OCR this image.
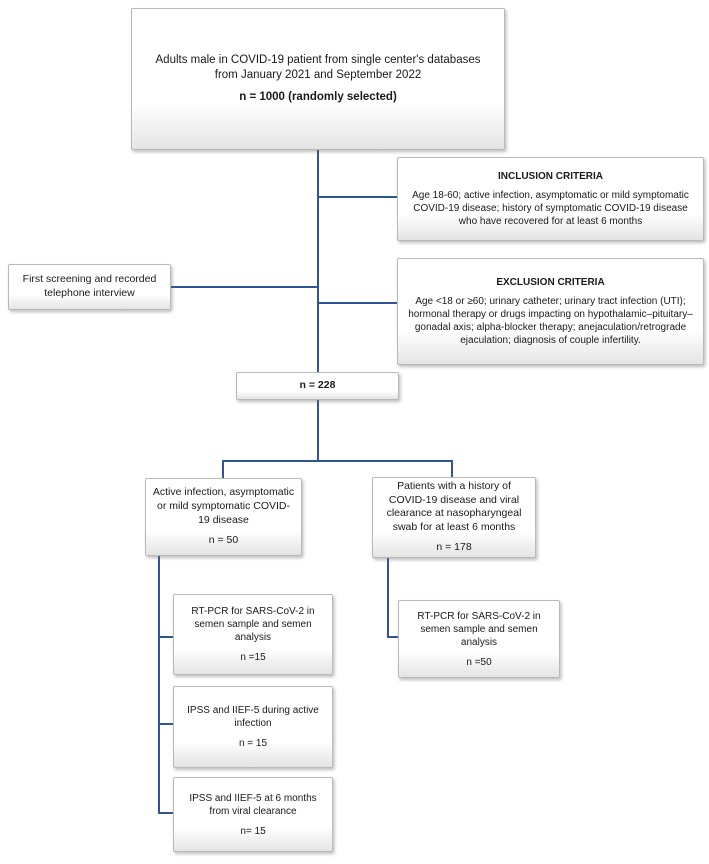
Adults male in COVID-19 patient from single center's databases
from January 2021 and September 2022
n = 1000 (randomly selected)
INCLUSION CRITERIA
Age 18-60; active infection, asymptomatic or mild symptomatic COVID-19 disease; history of symptomatic COVID-19 disease who have recovered for at least 6 months
EXCLUSION CRITERIA
Age <18 or ≥60; urinary catheter; urinary tract infection (UTI); hormonal therapy or drugs impacting on hypothalamic–pituitary–gonadal axis; alpha-blocker therapy; anejaculation/retrograde ejaculation; diagnosis of couple infertility.
First screening and recorded telephone interview
n = 228
Active infection, asymptomatic or mild symptomatic COVID-19 disease
n = 50
Patients with a history of COVID-19 disease and viral clearance at nasopharyngeal swab for at least 6 months
n = 178
RT-PCR for SARS-CoV-2 in semen sample and semen analysis
n =15
RT-PCR for SARS-CoV-2 in semen sample and semen analysis
n =50
IPSS and IIEF-5 during active infection
n = 15
IPSS and IIEF-5 at 6 months from viral clearance
n= 15
